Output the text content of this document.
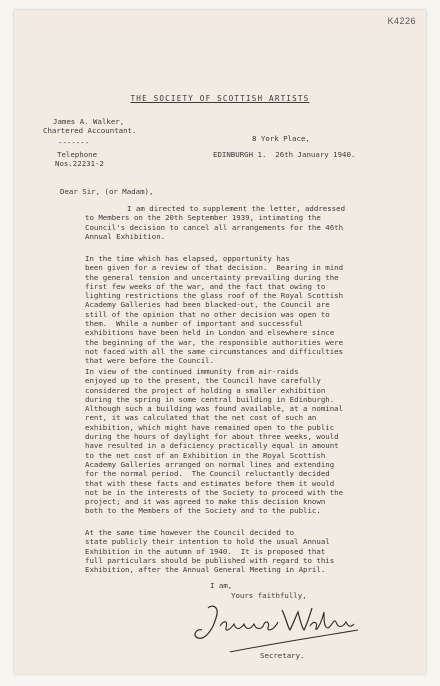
K4226
THE SOCIETY OF SCOTTISH ARTISTS
James A. Walker,
Chartered Accountant.
-------
Telephone
Nos.22231-2
8 York Place,
EDINBURGH 1.  26th January 1940.
Dear Sir, (or Madam),
I am directed to supplement the letter, addressed
to Members on the 20th September 1939, intimating the
Council's decision to cancel all arrangements for the 46th
Annual Exhibition.
In the time which has elapsed, opportunity has
been given for a review of that decision.  Bearing in mind
the general tension and uncertainty prevailing during the
first few weeks of the war, and the fact that owing to
lighting restrictions the glass roof of the Royal Scottish
Academy Galleries had been blacked-out, the Council are
still of the opinion that no other decision was open to
them.  While a number of important and successful
exhibitions have been held in London and elsewhere since
the beginning of the war, the responsible authorities were
not faced with all the same circumstances and difficulties
that were before the Council.
In view of the continued immunity from air-raids
enjoyed up to the present, the Council have carefully
considered the project of holding a smaller exhibition
during the spring in some central building in Edinburgh.
Although such a building was found available, at a nominal
rent, it was calculated that the net cost of such an
exhibition, which might have remained open to the public
during the hours of daylight for about three weeks, would
have resulted in a deficiency practically equal in amount
to the net cost of an Exhibition in the Royal Scottish
Academy Galleries arranged on normal lines and extending
for the normal period.  The Council reluctantly decided
that with these facts and estimates before them it would
not be in the interests of the Society to proceed with the
project; and it was agreed to make this decision known
both to the Members of the Society and to the public.
At the same time however the Council decided to
state publicly their intention to hold the usual Annual
Exhibition in the autumn of 1940.  It is proposed that
full particulars should be published with regard to this
Exhibition, after the Annual General Meeting in April.
I am,
Yours faithfully,
Secretary.
